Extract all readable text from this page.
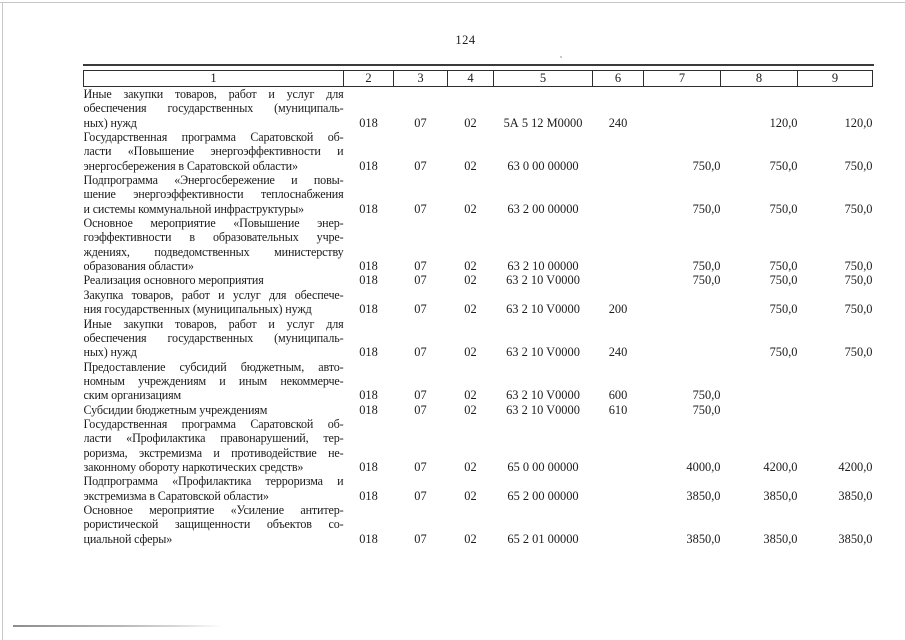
124
1	2	3	4	5	6	7	8	9

Иные закупки товаров, работ и услуг для
обеспечения государственных (муниципаль-
ных) нужд	018	07	02	5А 5 12 М0000	240		120,0	120,0

Государственная программа Саратовской об-
ласти «Повышение энергоэффективности и
энергосбережения в Саратовской области»	018	07	02	63 0 00 00000		750,0	750,0	750,0

Подпрограмма «Энергосбережение и повы-
шение энергоэффективности теплоснабжения
и системы коммунальной инфраструктуры»	018	07	02	63 2 00 00000		750,0	750,0	750,0

Основное мероприятие «Повышение энер-
гоэффективности в образовательных учре-
ждениях, подведомственных министерству
образования области»	018	07	02	63 2 10 00000		750,0	750,0	750,0

Реализация основного мероприятия	018	07	02	63 2 10 V0000		750,0	750,0	750,0

Закупка товаров, работ и услуг для обеспече-
ния государственных (муниципальных) нужд	018	07	02	63 2 10 V0000	200		750,0	750,0

Иные закупки товаров, работ и услуг для
обеспечения государственных (муниципаль-
ных) нужд	018	07	02	63 2 10 V0000	240		750,0	750,0

Предоставление субсидий бюджетным, авто-
номным учреждениям и иным некоммерче-
ским организациям	018	07	02	63 2 10 V0000	600	750,0		

Субсидии бюджетным учреждениям	018	07	02	63 2 10 V0000	610	750,0		

Государственная программа Саратовской об-
ласти «Профилактика правонарушений, тер-
роризма, экстремизма и противодействие не-
законному обороту наркотических средств»	018	07	02	65 0 00 00000		4000,0	4200,0	4200,0

Подпрограмма «Профилактика терроризма и
экстремизма в Саратовской области»	018	07	02	65 2 00 00000		3850,0	3850,0	3850,0

Основное мероприятие «Усиление антитер-
рористической защищенности объектов со-
циальной сферы»	018	07	02	65 2 01 00000		3850,0	3850,0	3850,0
